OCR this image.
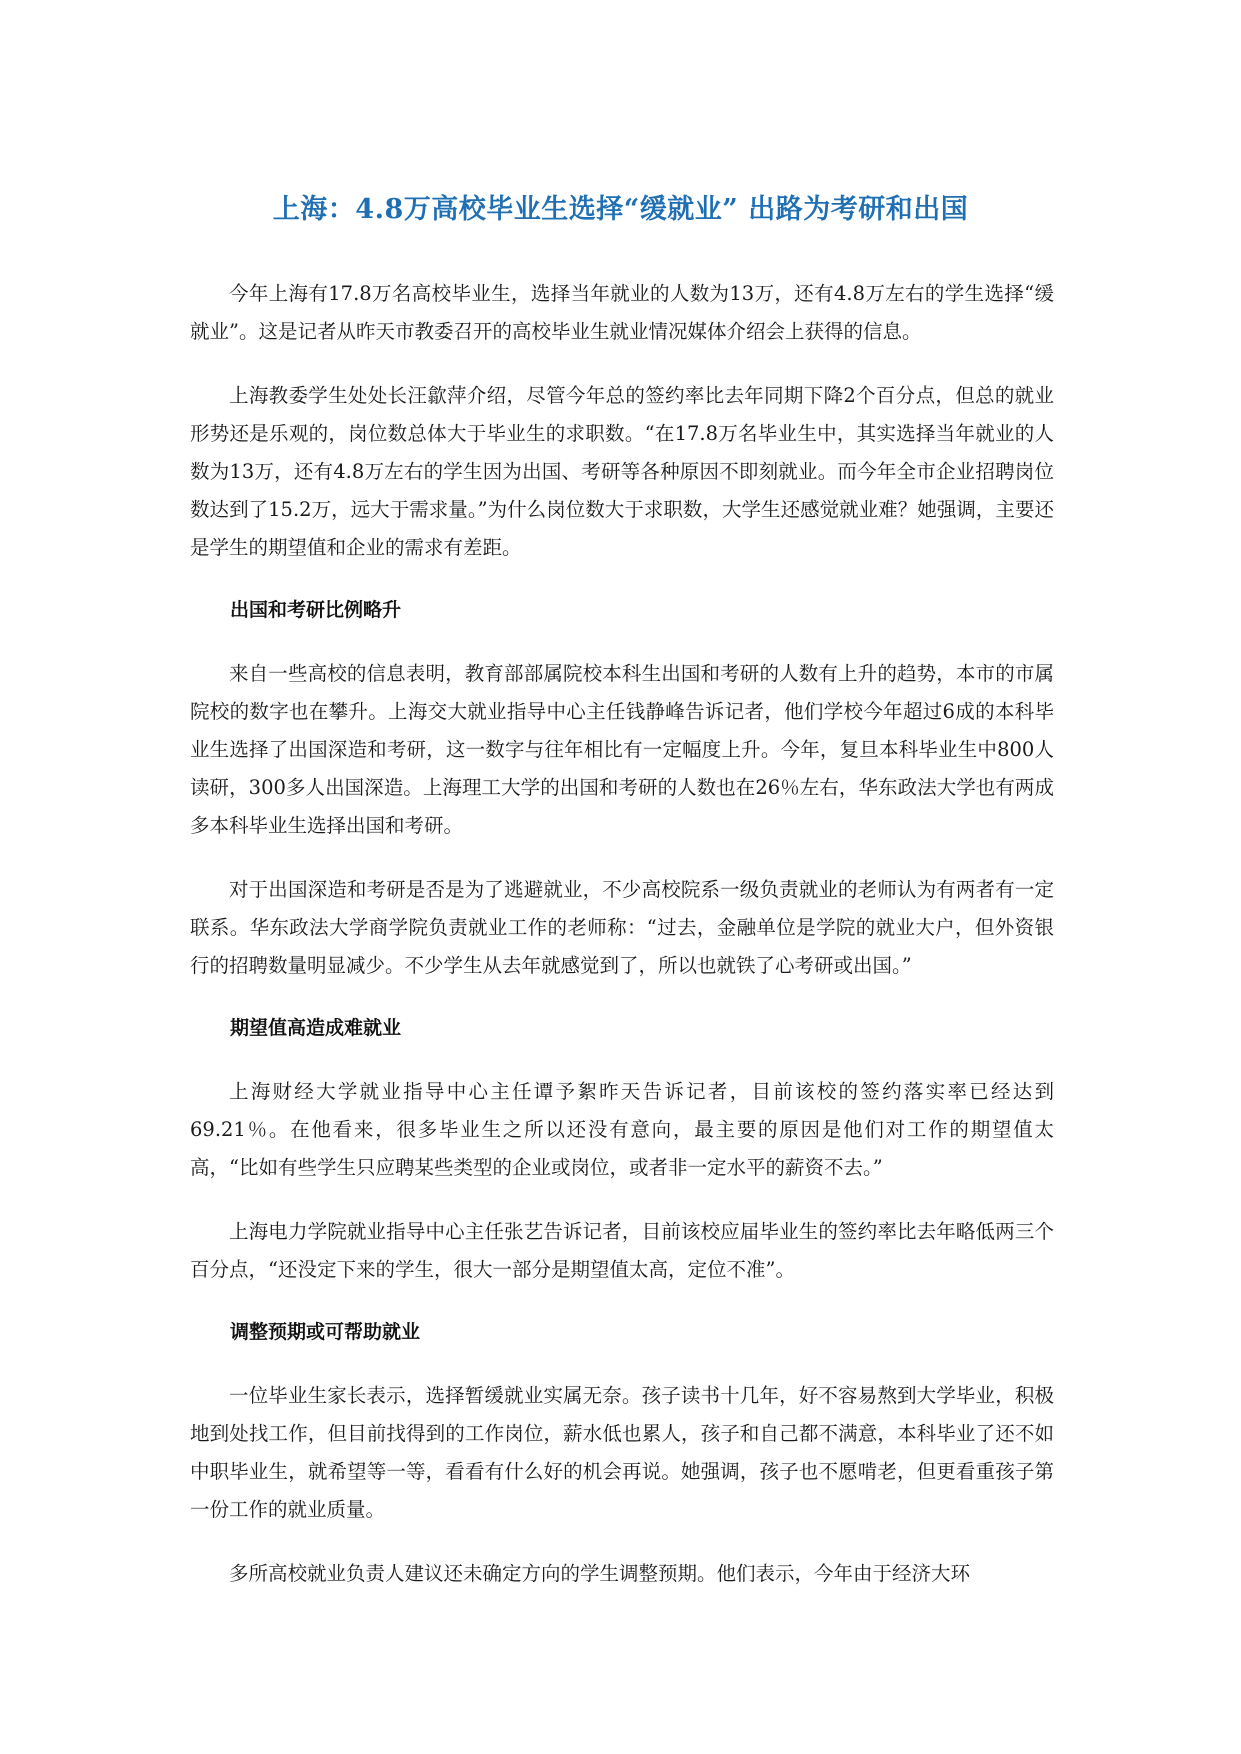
上海：4.8万高校毕业生选择“缓就业” 出路为考研和出国

今年上海有17.8万名高校毕业生，选择当年就业的人数为13万，还有4.8万左右的学生选择“缓就业”。这是记者从昨天市教委召开的高校毕业生就业情况媒体介绍会上获得的信息。

上海教委学生处处长汪歙萍介绍，尽管今年总的签约率比去年同期下降2个百分点，但总的就业形势还是乐观的，岗位数总体大于毕业生的求职数。“在17.8万名毕业生中，其实选择当年就业的人数为13万，还有4.8万左右的学生因为出国、考研等各种原因不即刻就业。而今年全市企业招聘岗位数达到了15.2万，远大于需求量。”为什么岗位数大于求职数，大学生还感觉就业难？她强调，主要还是学生的期望值和企业的需求有差距。

出国和考研比例略升

来自一些高校的信息表明，教育部部属院校本科生出国和考研的人数有上升的趋势，本市的市属院校的数字也在攀升。上海交大就业指导中心主任钱静峰告诉记者，他们学校今年超过6成的本科毕业生选择了出国深造和考研，这一数字与往年相比有一定幅度上升。今年，复旦本科毕业生中800人读研，300多人出国深造。上海理工大学的出国和考研的人数也在26％左右，华东政法大学也有两成多本科毕业生选择出国和考研。

对于出国深造和考研是否是为了逃避就业，不少高校院系一级负责就业的老师认为有两者有一定联系。华东政法大学商学院负责就业工作的老师称：“过去，金融单位是学院的就业大户，但外资银行的招聘数量明显减少。不少学生从去年就感觉到了，所以也就铁了心考研或出国。”

期望值高造成难就业

上海财经大学就业指导中心主任谭予絮昨天告诉记者，目前该校的签约落实率已经达到69.21％。在他看来，很多毕业生之所以还没有意向，最主要的原因是他们对工作的期望值太高，“比如有些学生只应聘某些类型的企业或岗位，或者非一定水平的薪资不去。”

上海电力学院就业指导中心主任张艺告诉记者，目前该校应届毕业生的签约率比去年略低两三个百分点，“还没定下来的学生，很大一部分是期望值太高，定位不准”。

调整预期或可帮助就业

一位毕业生家长表示，选择暂缓就业实属无奈。孩子读书十几年，好不容易熬到大学毕业，积极地到处找工作，但目前找得到的工作岗位，薪水低也累人，孩子和自己都不满意，本科毕业了还不如中职毕业生，就希望等一等，看看有什么好的机会再说。她强调，孩子也不愿啃老，但更看重孩子第一份工作的就业质量。

多所高校就业负责人建议还未确定方向的学生调整预期。他们表示，今年由于经济大环
